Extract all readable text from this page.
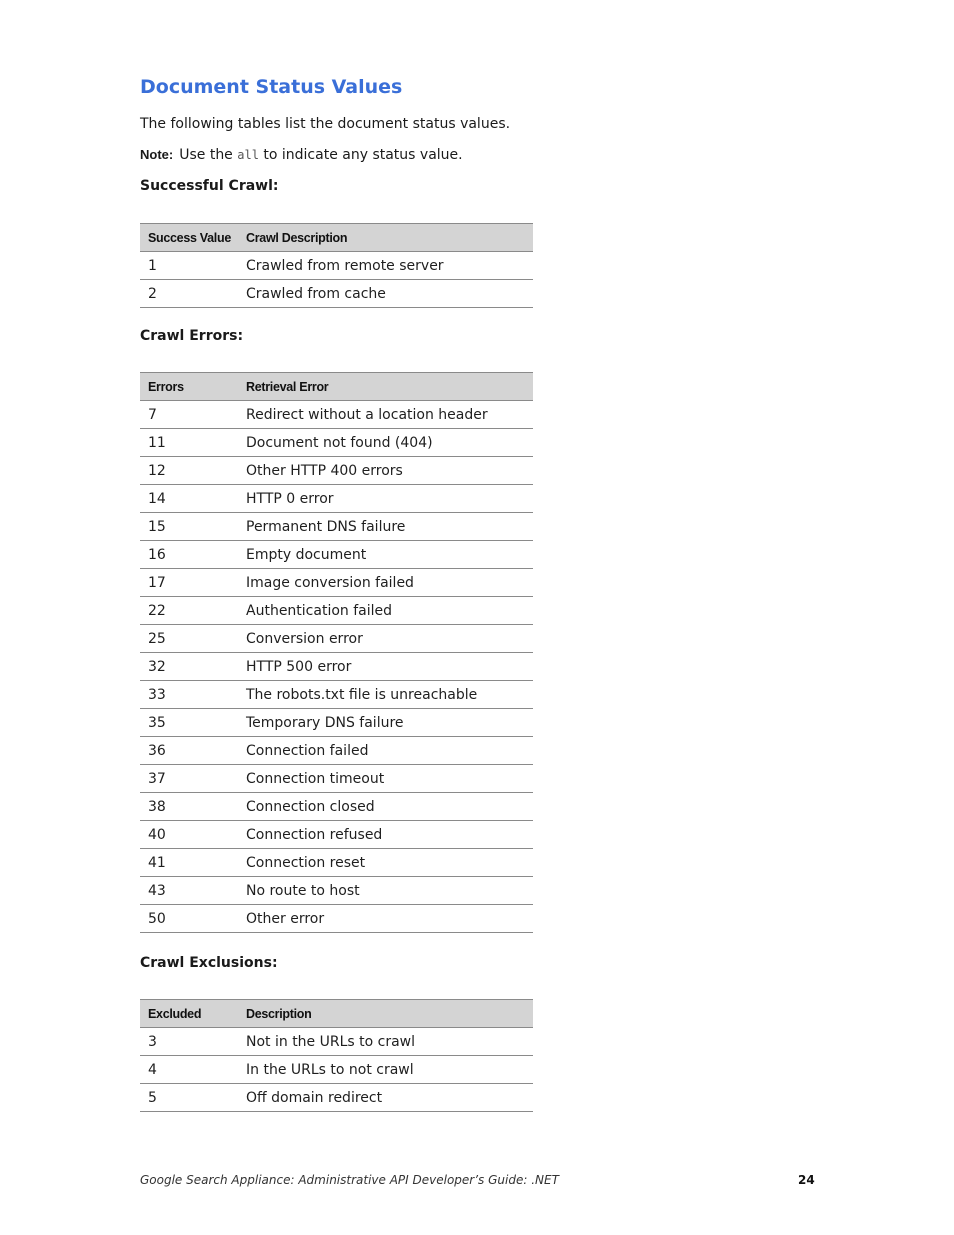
Document Status Values

The following tables list the document status values.

Note: Use the all to indicate any status value.

Successful Crawl:
Success Value	Crawl Description
1	Crawled from remote server
2	Crawled from cache
Crawl Errors:
Errors	Retrieval Error
7	Redirect without a location header
11	Document not found (404)
12	Other HTTP 400 errors
14	HTTP 0 error
15	Permanent DNS failure
16	Empty document
17	Image conversion failed
22	Authentication failed
25	Conversion error
32	HTTP 500 error
33	The robots.txt file is unreachable
35	Temporary DNS failure
36	Connection failed
37	Connection timeout
38	Connection closed
40	Connection refused
41	Connection reset
43	No route to host
50	Other error
Crawl Exclusions:
Excluded	Description
3	Not in the URLs to crawl
4	In the URLs to not crawl
5	Off domain redirect

Google Search Appliance: Administrative API Developer’s Guide: .NET	24
